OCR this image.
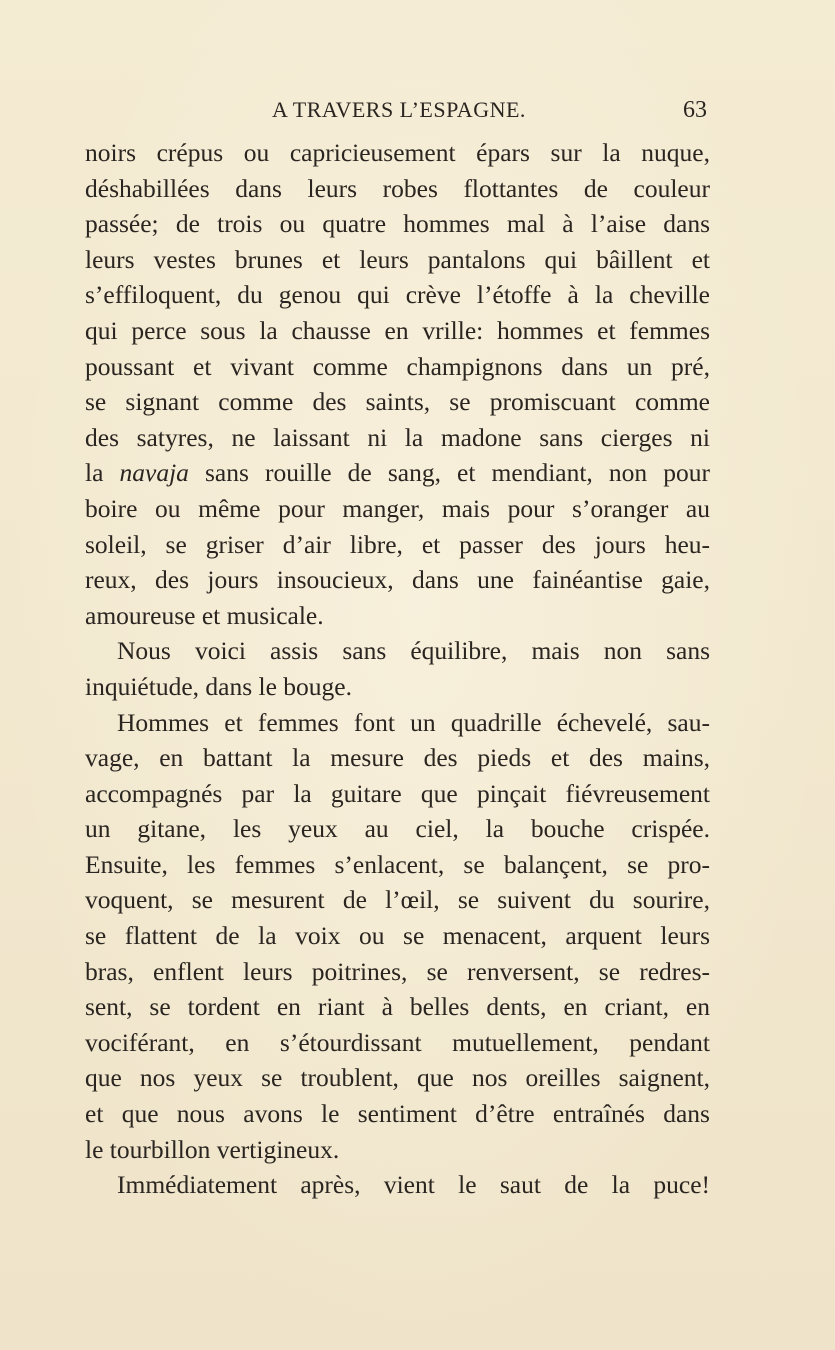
A TRAVERS L’ESPAGNE.	63
noirs crépus ou capricieusement épars sur la nuque,
déshabillées dans leurs robes flottantes de couleur
passée; de trois ou quatre hommes mal à l’aise dans
leurs vestes brunes et leurs pantalons qui bâillent et
s’effiloquent, du genou qui crève l’étoffe à la cheville
qui perce sous la chausse en vrille: hommes et femmes
poussant et vivant comme champignons dans un pré,
se signant comme des saints, se promiscuant comme
des satyres, ne laissant ni la madone sans cierges ni
la navaja sans rouille de sang, et mendiant, non pour
boire ou même pour manger, mais pour s’oranger au
soleil, se griser d’air libre, et passer des jours heu-
reux, des jours insoucieux, dans une fainéantise gaie,
amoureuse et musicale.
Nous voici assis sans équilibre, mais non sans
inquiétude, dans le bouge.
Hommes et femmes font un quadrille échevelé, sau-
vage, en battant la mesure des pieds et des mains,
accompagnés par la guitare que pinçait fiévreusement
un gitane, les yeux au ciel, la bouche crispée.
Ensuite, les femmes s’enlacent, se balançent, se pro-
voquent, se mesurent de l’œil, se suivent du sourire,
se flattent de la voix ou se menacent, arquent leurs
bras, enflent leurs poitrines, se renversent, se redres-
sent, se tordent en riant à belles dents, en criant, en
vociférant, en s’étourdissant mutuellement, pendant
que nos yeux se troublent, que nos oreilles saignent,
et que nous avons le sentiment d’être entraînés dans
le tourbillon vertigineux.
Immédiatement après, vient le saut de la puce!
